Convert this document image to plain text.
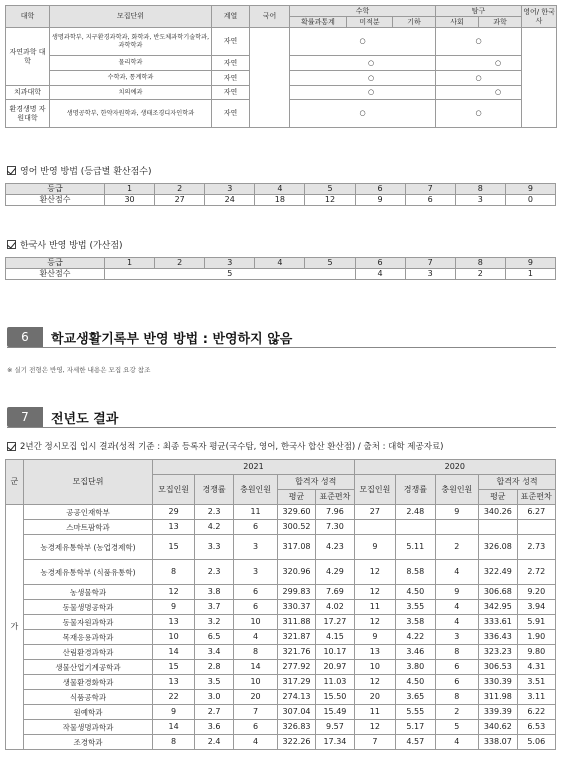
대학	모집단위	계열	국어	수학			탐구		영어/ 한국사
				확률과통계	미적분	기하	사회	과학	
자연과학 대학	생명과학부, 지구환경과학과, 화학과, 반도체과학기술학과, 과학학과	자연		○			○		
	물리학과	자연		○			○		
	수학과, 통계학과	자연		○			○		
치과대학	치의예과	자연		○			○		
환경생명 자원대학	생명공학부, 한약자원학과, 생태조경디자인학과	자연		○			○		
영어 반영 방법 (등급별 환산점수)
등급	1	2	3	4	5	6	7	8	9
환산점수	30	27	24	18	12	9	6	3	0
한국사 반영 방법 (가산점)
등급	1	2	3	4	5	6	7	8	9
환산점수	5					4	3	2	1
6	학교생활기록부 반영 방법 : 반영하지 않음
※ 실기 전형은 반영, 자세한 내용은 모집 요강 참조
7	전년도 결과
2년간 정시모집 입시 결과(성적 기준 : 최종 등록자 평균(국수탐, 영어, 한국사 합산 환산점) / 출처 : 대학 제공자료)
군	모집단위	2021					2020				
		모집인원	경쟁률	충원인원	합격자 성적		모집인원	경쟁률	충원인원	합격자 성적	
					평균	표준편차				평균	표준편차
가	공공인재학부	29	2.3	11	329.60	7.96	27	2.48	9	340.26	6.27
	스마트팜학과	13	4.2	6	300.52	7.30					
	농경제유통학부 (농업경제학)	15	3.3	3	317.08	4.23	9	5.11	2	326.08	2.73
	농경제유통학부 (식품유통학)	8	2.3	3	320.96	4.29	12	8.58	4	322.49	2.72
	농생물학과	12	3.8	6	299.83	7.69	12	4.50	9	306.68	9.20
	동물생명공학과	9	3.7	6	330.37	4.02	11	3.55	4	342.95	3.94
	동물자원과학과	13	3.2	10	311.88	17.27	12	3.58	4	333.61	5.91
	목재응용과학과	10	6.5	4	321.87	4.15	9	4.22	3	336.43	1.90
	산림환경과학과	14	3.4	8	321.76	10.17	13	3.46	8	323.23	9.80
	생물산업기계공학과	15	2.8	14	277.92	20.97	10	3.80	6	306.53	4.31
	생물환경화학과	13	3.5	10	317.29	11.03	12	4.50	6	330.39	3.51
	식품공학과	22	3.0	20	274.13	15.50	20	3.65	8	311.98	3.11
	원예학과	9	2.7	7	307.04	15.49	11	5.55	2	339.39	6.22
	작물생명과학과	14	3.6	6	326.83	9.57	12	5.17	5	340.62	6.53
	조경학과	8	2.4	4	322.26	17.34	7	4.57	4	338.07	5.06
